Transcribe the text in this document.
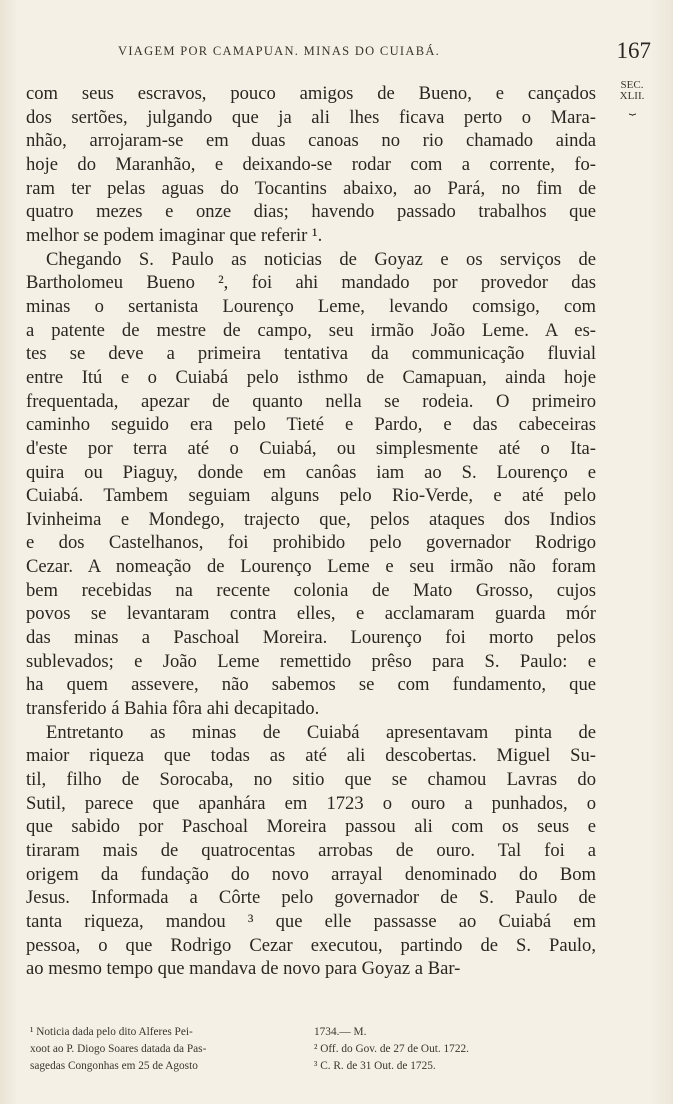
VIAGEM POR CAMAPUAN. MINAS DO CUIABÁ.	167
SEC.
XLII.
⏟
com seus escravos, pouco amigos de Bueno, e cançados
dos sertões, julgando que ja ali lhes ficava perto o Mara-
nhão, arrojaram-se em duas canoas no rio chamado ainda
hoje do Maranhão, e deixando-se rodar com a corrente, fo-
ram ter pelas aguas do Tocantins abaixo, ao Pará, no fim de
quatro mezes e onze dias; havendo passado trabalhos que
melhor se podem imaginar que referir ¹.
Chegando S. Paulo as noticias de Goyaz e os serviços de
Bartholomeu Bueno ², foi ahi mandado por provedor das
minas o sertanista Lourenço Leme, levando comsigo, com
a patente de mestre de campo, seu irmão João Leme. A es-
tes se deve a primeira tentativa da communicação fluvial
entre Itú e o Cuiabá pelo isthmo de Camapuan, ainda hoje
frequentada, apezar de quanto nella se rodeia. O primeiro
caminho seguido era pelo Tieté e Pardo, e das cabeceiras
d'este por terra até o Cuiabá, ou simplesmente até o Ita-
quira ou Piaguy, donde em canôas iam ao S. Lourenço e
Cuiabá. Tambem seguiam alguns pelo Rio-Verde, e até pelo
Ivinheima e Mondego, trajecto que, pelos ataques dos Indios
e dos Castelhanos, foi prohibido pelo governador Rodrigo
Cezar. A nomeação de Lourenço Leme e seu irmão não foram
bem recebidas na recente colonia de Mato Grosso, cujos
povos se levantaram contra elles, e acclamaram guarda mór
das minas a Paschoal Moreira. Lourenço foi morto pelos
sublevados; e João Leme remettido prêso para S. Paulo: e
ha quem assevere, não sabemos se com fundamento, que
transferido á Bahia fôra ahi decapitado.
Entretanto as minas de Cuiabá apresentavam pinta de
maior riqueza que todas as até ali descobertas. Miguel Su-
til, filho de Sorocaba, no sitio que se chamou Lavras do
Sutil, parece que apanhára em 1723 o ouro a punhados, o
que sabido por Paschoal Moreira passou ali com os seus e
tiraram mais de quatrocentas arrobas de ouro. Tal foi a
origem da fundação do novo arrayal denominado do Bom
Jesus. Informada a Côrte pelo governador de S. Paulo de
tanta riqueza, mandou ³ que elle passasse ao Cuiabá em
pessoa, o que Rodrigo Cezar executou, partindo de S. Paulo,
ao mesmo tempo que mandava de novo para Goyaz a Bar-
¹ Noticia dada pelo dito Alferes Pei-
xoot ao P. Diogo Soares datada da Pas-
sagedas Congonhas em 25 de Agosto
1734.— M.
² Off. do Gov. de 27 de Out. 1722.
³ C. R. de 31 Out. de 1725.
